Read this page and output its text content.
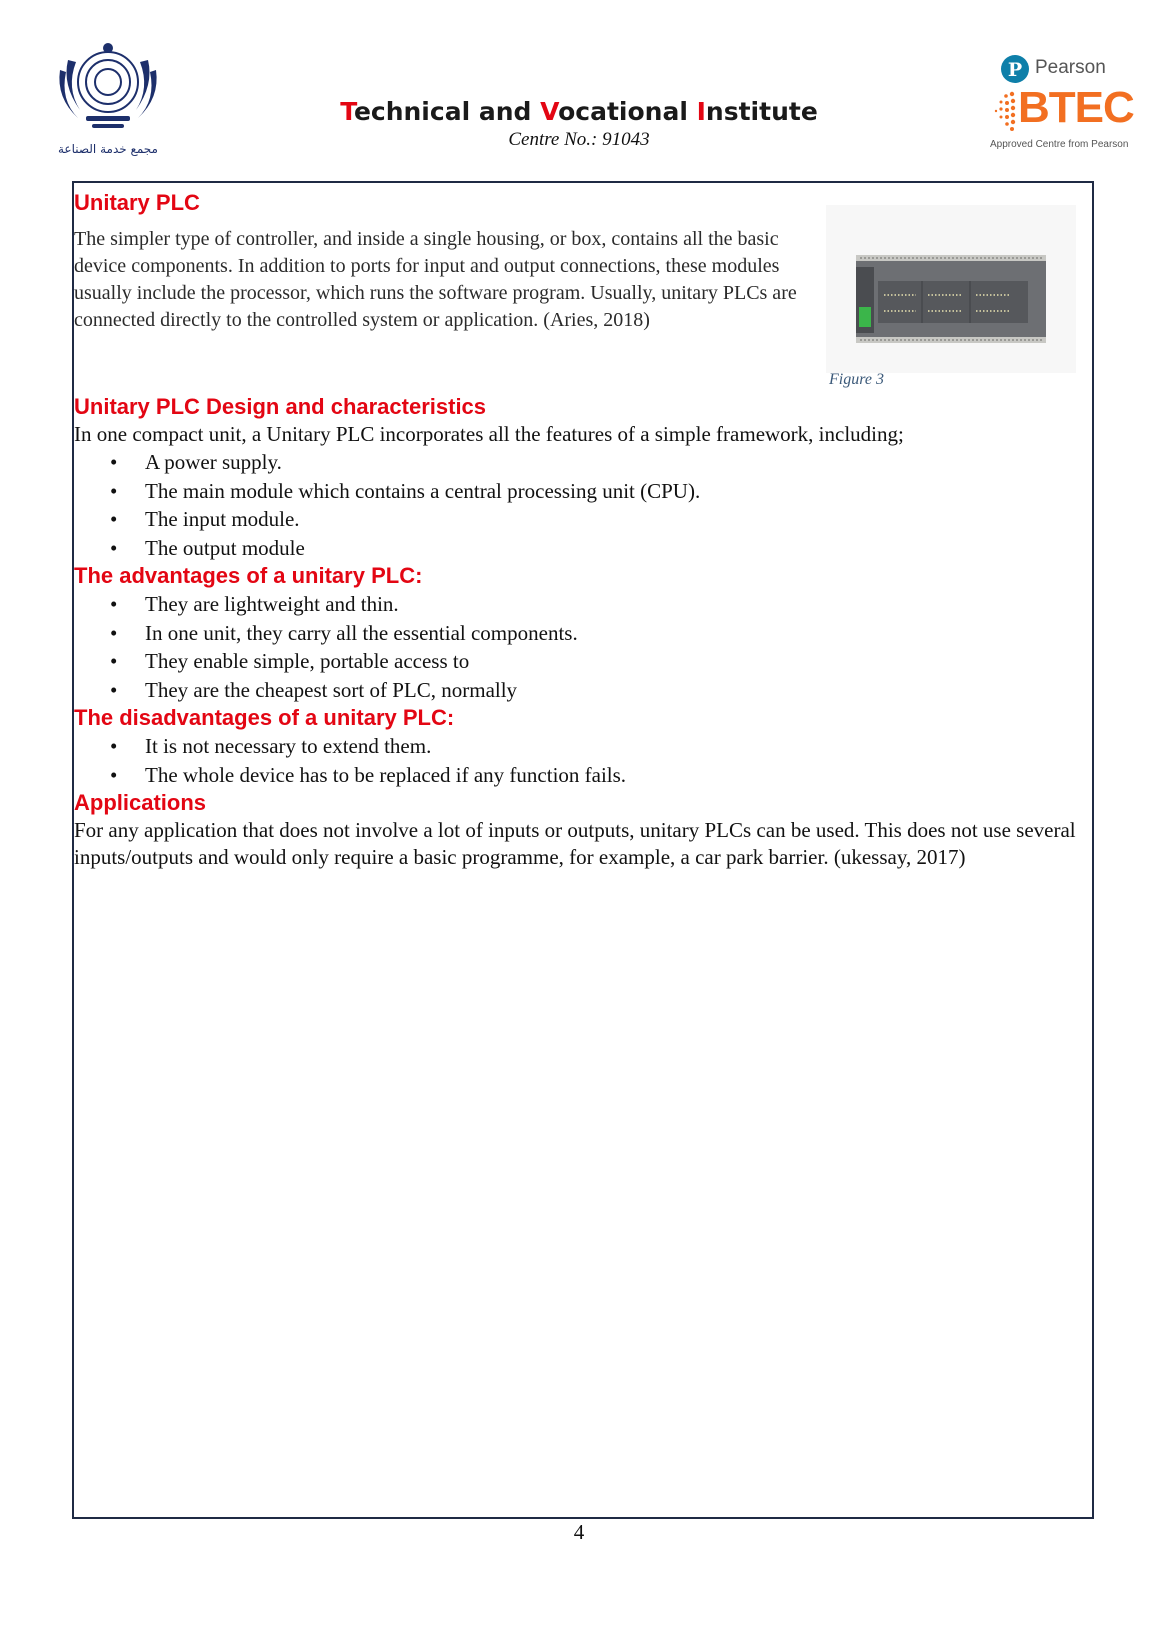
مجمع خدمة الصناعة
Technical and Vocational Institute
Centre No.: 91043
P Pearson
BTEC
Approved Centre from Pearson
Unitary PLC

The simpler type of controller, and inside a single housing, or box, contains all the basic device components. In addition to ports for input and output connections, these modules usually include the processor, which runs the software program. Usually, unitary PLCs are connected directly to the controlled system or application. (Aries, 2018)

Figure 3
Unitary PLC Design and characteristics

In one compact unit, a Unitary PLC incorporates all the features of a simple framework, including;

• A power supply.
• The main module which contains a central processing unit (CPU).
• The input module.
• The output module
The advantages of a unitary PLC:
• They are lightweight and thin.
• In one unit, they carry all the essential components.
• They enable simple, portable access to
• They are the cheapest sort of PLC, normally
The disadvantages of a unitary PLC:
• It is not necessary to extend them.
• The whole device has to be replaced if any function fails.
Applications

For any application that does not involve a lot of inputs or outputs, unitary PLCs can be used. This does not use several inputs/outputs and would only require a basic programme, for example, a car park barrier. (ukessay, 2017)

4
